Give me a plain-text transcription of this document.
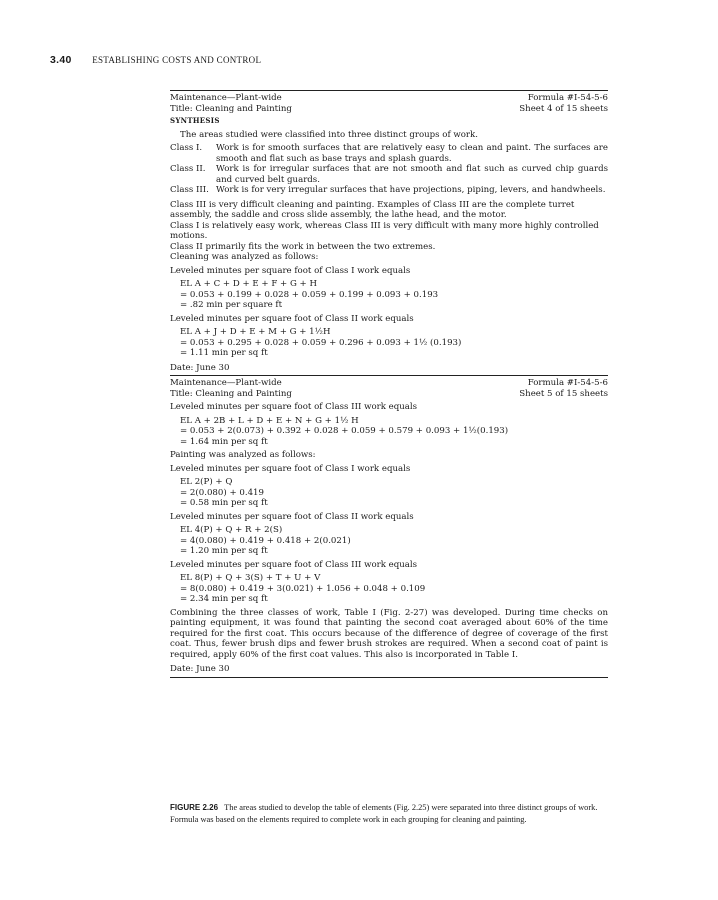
3.40 ESTABLISHING COSTS AND CONTROL
Maintenance—Plant-wide
Title: Cleaning and Painting
Formula #I-54-5-6
Sheet 4 of 15 sheets
SYNTHESIS

The areas studied were classified into three distinct groups of work.

Class I.	Work is for smooth surfaces that are relatively easy to clean and paint. The surfaces are smooth and flat such as base trays and splash guards.
Class II.	Work is for irregular surfaces that are not smooth and flat such as curved chip guards and curved belt guards.
Class III. Work is for very irregular surfaces that have projections, piping, levers, and handwheels.

Class III is very difficult cleaning and painting. Examples of Class III are the complete turret assembly, the saddle and cross slide assembly, the lathe head, and the motor.

Class I is relatively easy work, whereas Class III is very difficult with many more highly controlled motions.

Class II primarily fits the work in between the two extremes.

Cleaning was analyzed as follows:

Leveled minutes per square foot of Class I work equals

EL A + C + D + E + F + G + H
= 0.053 + 0.199 + 0.028 + 0.059 + 0.199 + 0.093 + 0.193
= .82 min per square ft

Leveled minutes per square foot of Class II work equals

EL A + J + D + E + M + G + 1½H
= 0.053 + 0.295 + 0.028 + 0.059 + 0.296 + 0.093 + 1½ (0.193)
= 1.11 min per sq ft
Date: June 30
Maintenance—Plant-wide
Title: Cleaning and Painting
Formula #I-54-5-6
Sheet 5 of 15 sheets

Leveled minutes per square foot of Class III work equals

EL A + 2B + L + D + E + N + G + 1½ H
= 0.053 + 2(0.073) + 0.392 + 0.028 + 0.059 + 0.579 + 0.093 + 1½(0.193)
= 1.64 min per sq ft

Painting was analyzed as follows:

Leveled minutes per square foot of Class I work equals

EL 2(P) + Q
= 2(0.080) + 0.419
= 0.58 min per sq ft

Leveled minutes per square foot of Class II work equals

EL 4(P) + Q + R + 2(S)
= 4(0.080) + 0.419 + 0.418 + 2(0.021)
= 1.20 min per sq ft

Leveled minutes per square foot of Class III work equals

EL 8(P) + Q + 3(S) + T + U + V
= 8(0.080) + 0.419 + 3(0.021) + 1.056 + 0.048 + 0.109
= 2.34 min per sq ft

Combining the three classes of work, Table I (Fig. 2-27) was developed. During time checks on painting equipment, it was found that painting the second coat averaged about 60% of the time required for the first coat. This occurs because of the difference of degree of coverage of the first coat. Thus, fewer brush dips and fewer brush strokes are required. When a second coat of paint is required, apply 60% of the first coat values. This also is incorporated in Table I.

Date: June 30
FIGURE 2.26 The areas studied to develop the table of elements (Fig. 2.25) were separated into three distinct groups of work. Formula was based on the elements required to complete work in each grouping for cleaning and painting.
